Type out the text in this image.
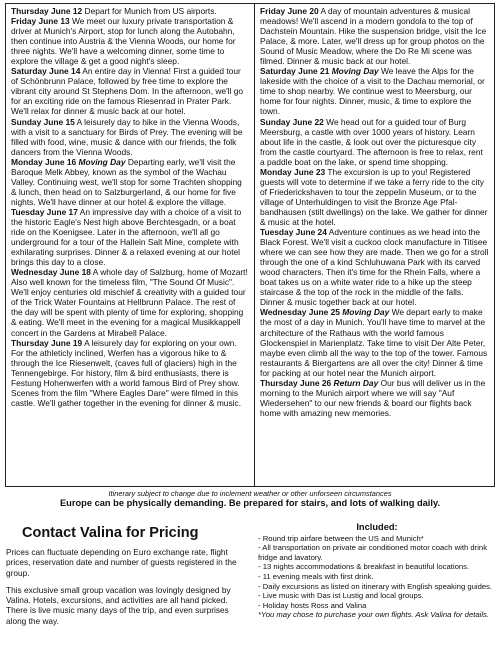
Thursday June 12 Depart for Munich from US airports.

Friday June 13 We meet our luxury private transportation & driver at Munich's Airport, stop for lunch along the Autobahn, then continue into Austria & the Vienna Woods, our home for three nights. We'll have a welcoming dinner, some time to explore the village & get a good night's sleep.

Saturday June 14 An entire day in Vienna! First a guided tour of Schönbrunn Palace, followed by free time to explore the vibrant city around St Stephens Dom. In the afternoon, we'll go for an exciting ride on the famous Riesenrad in Prater Park. We'll relax for dinner & music back at our hotel.

Sunday June 15 A leisurely day to hike in the Vienna Woods, with a visit to a sanctuary for Birds of Prey. The evening will be filled with food, wine, music & dance with our friends, the folk dancers from the Vienna Woods.

Monday June 16 Moving Day Departing early, we'll visit the Baroque Melk Abbey, known as the symbol of the Wachau Valley. Continuing west, we'll stop for some Trachten shopping & lunch, then head on to Salzburgerland, & our home for five nights. We'll have dinner at our hotel & explore the village.

Tuesday June 17 An impressive day with a choice of a visit to the historic Eagle's Nest high above Berchtesgadn, or a boat ride on the Koenigsee. Later in the afternoon, we'll all go underground for a tour of the Hallein Salt Mine, complete with exhilarating surprises. Dinner & a relaxed evening at our hotel brings this day to a close.

Wednesday June 18 A whole day of Salzburg, home of Mozart! Also well known for the timeless film, "The Sound Of Music". We'll enjoy centuries old mischief & creativity with a guided tour of the Trick Water Fountains at Hellbrunn Palace. The rest of the day will be spent with plenty of time for exploring, shopping & eating. We'll meet in the evening for a magical Musikkappell concert in the Gardens at Mirabell Palace.

Thursday June 19 A leisurely day for exploring on your own. For the athleticly inclined, Werfen has a vigorous hike to & through the Ice Riesenwelt, (caves full of glaciers) high in the Tennengebirge. For history, film & bird enthusiasts, there is Festung Hohenwerfen with a world famous Bird of Prey show. Scenes from the film "Where Eagles Dare" were filmed in this castle. We'll gather together in the evening for dinner & music.

Friday June 20 A day of mountain adventures & musical meadows! We'll ascend in a modern gondola to the top of Dachstein Mountain. Hike the suspension bridge, visit the Ice Palace, & more. Later, we'll dress up for group photos on the Sound of Music Meadow, where the Do Re Mi scene was filmed. Dinner & music back at our hotel.

Saturday June 21 Moving Day We leave the Alps for the lakeside with the choice of a visit to the Dachau memorial, or time to shop nearby. We continue west to Meersburg, our home for four nights. Dinner, music, & time to explore the town.

Sunday June 22 We head out for a guided tour of Burg Meersburg, a castle with over 1000 years of history. Learn about life in the castle, & look out over the picturesque city from the castle courtyard. The afternoon is free to relax, rent a paddle boat on the lake, or spend time shopping.

Monday June 23 The excursion is up to you! Registered guests will vote to determine if we take a ferry ride to the city of Friederickshaven to tour the zeppelin Museum, or to the village of Unterhuldingen to visit the Bronze Age Pfal-bandhausen (stilt dwellings) on the lake. We gather for dinner & music at the hotel.

Tuesday June 24 Adventure continues as we head into the Black Forest. We'll visit a cuckoo clock manufacture in Titisee where we can see how they are made. Then we go for a stroll through the one of a kind Schluhuwana Park with its carved wood characters. Then it's time for the Rhein Falls, where a boat takes us on a white water ride to a hike up the steep staircase & the top of the rock in the middle of the falls. Dinner & music together back at our hotel.

Wednesday June 25 Moving Day We depart early to make the most of a day in Munich. You'll have time to marvel at the architecture of the Rathaus with the world famous Glockenspiel in Marienplatz. Take time to visit Der Alte Peter, maybe even climb all the way to the top of the tower. Famous restaurants & Biergartens are all over the city! Dinner & time for packing at our hotel near the Munich airport.

Thursday June 26 Return Day Our bus will deliver us in the morning to the Munich airport where we will say "Auf Wiedersehen" to our new friends & board our flights back home with amazing new memories.

Itinerary subject to change due to inclement weather or other unforseen circumstances
Europe can be physically demanding. Be prepared for stairs, and lots of walking daily.
Contact Valina for Pricing

Prices can fluctuate depending on Euro exchange rate, flight prices, reservation date and number of guests registered in the group.

This exclusive small group vacation was lovingly designed by Valina. Hotels, excursions, and activities are all hand picked. There is live music many days of the trip, and even surprises along the way.

Included:
- Round trip airfare between the US and Munich*
- All transportation on private air conditioned motor coach with drink fridge and lavatory.
- 13 nights accommodations & breakfast in beautiful locations.
- 11 evening meals with first drink.
- Daily excursions as listed on itinerary with English speaking guides.
- Live music with Das ist Lustig and local groups.
- Holiday hosts Ross and Valina
*You may chose to purchase your own flights. Ask Valina for details.
